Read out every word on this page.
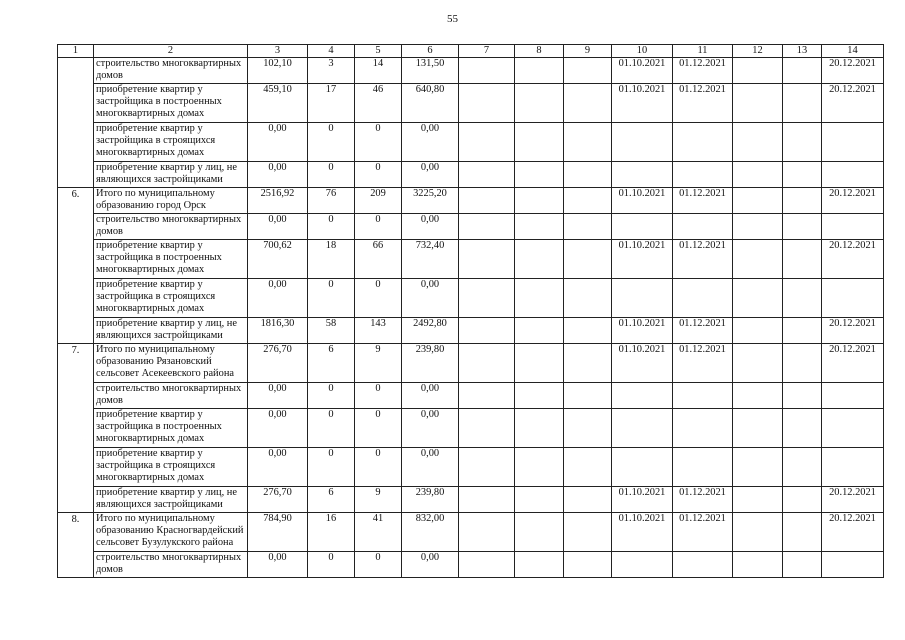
55
1	2	3	4	5	6	7	8	9	10	11	12	13	14
	строительство многоквартирных домов	102,10	3	14	131,50				01.10.2021	01.12.2021			20.12.2021
	приобретение квартир у застройщика в построенных многоквартирных домах	459,10	17	46	640,80				01.10.2021	01.12.2021			20.12.2021
	приобретение квартир у застройщика в строящихся многоквартирных домах	0,00	0	0	0,00								
	приобретение квартир у лиц, не являющихся застройщиками	0,00	0	0	0,00								
6.	Итого по муниципальному образованию город Орск	2516,92	76	209	3225,20				01.10.2021	01.12.2021			20.12.2021
	строительство многоквартирных домов	0,00	0	0	0,00								
	приобретение квартир у застройщика в построенных многоквартирных домах	700,62	18	66	732,40				01.10.2021	01.12.2021			20.12.2021
	приобретение квартир у застройщика в строящихся многоквартирных домах	0,00	0	0	0,00								
	приобретение квартир у лиц, не являющихся застройщиками	1816,30	58	143	2492,80				01.10.2021	01.12.2021			20.12.2021
7.	Итого по муниципальному образованию Рязановский сельсовет Асекеевского района	276,70	6	9	239,80				01.10.2021	01.12.2021			20.12.2021
	строительство многоквартирных домов	0,00	0	0	0,00								
	приобретение квартир у застройщика в построенных многоквартирных домах	0,00	0	0	0,00								
	приобретение квартир у застройщика в строящихся многоквартирных домах	0,00	0	0	0,00								
	приобретение квартир у лиц, не являющихся застройщиками	276,70	6	9	239,80				01.10.2021	01.12.2021			20.12.2021
8.	Итого по муниципальному образованию Красногвардейский сельсовет Бузулукского района	784,90	16	41	832,00				01.10.2021	01.12.2021			20.12.2021
	строительство многоквартирных домов	0,00	0	0	0,00								
